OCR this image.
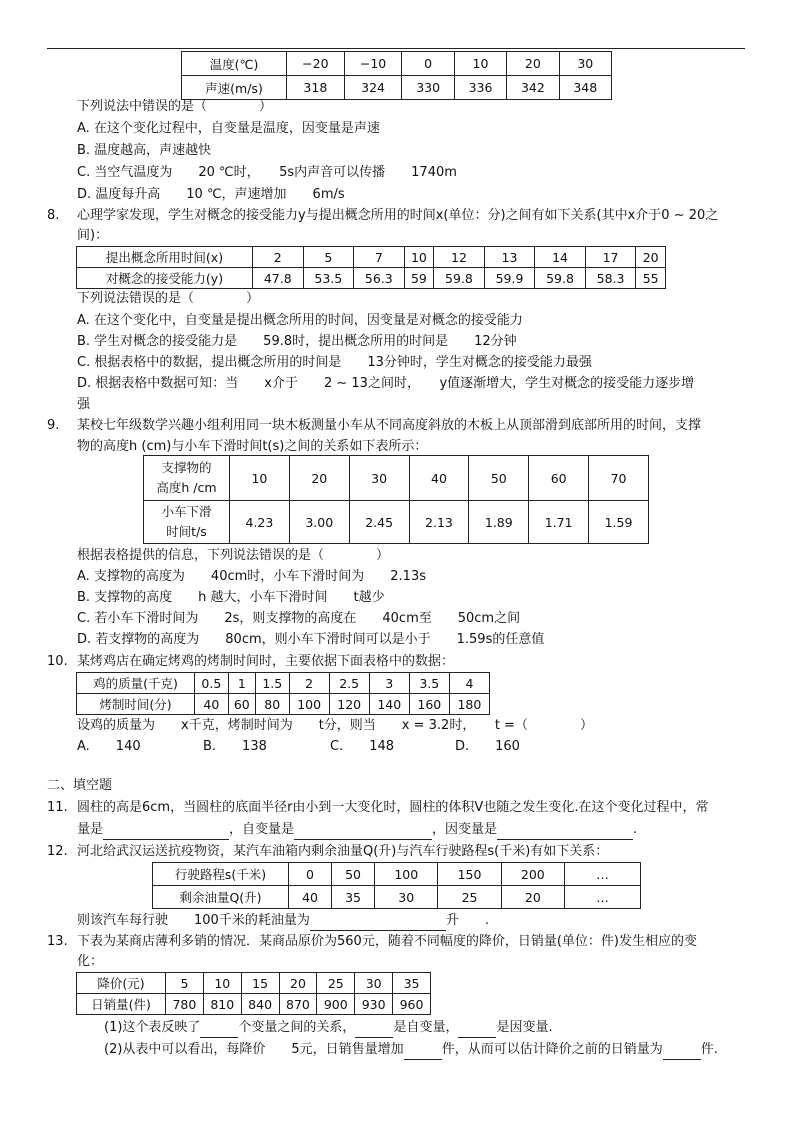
温度(℃)	−20	−10	0	10	20	30
声速(m/s)	318	324	330	336	342	348
下列说法中错误的是（　　　　）
A. 在这个变化过程中，自变量是温度，因变量是声速
B. 温度越高，声速越快
C. 当空气温度为　　20 ℃时，　　5s内声音可以传播　　1740m
D. 温度每升高　　10 ℃，声速增加　　6m/s
8. 心理学家发现，学生对概念的接受能力y与提出概念所用的时间x(单位：分)之间有如下关系(其中x介于0 ∼ 20之
间)：
提出概念所用时间(x)	2	5	7	10	12	13	14	17	20
对概念的接受能力(y)	47.8	53.5	56.3	59	59.8	59.9	59.8	58.3	55
下列说法错误的是（　　　　）
A. 在这个变化中，自变量是提出概念所用的时间，因变量是对概念的接受能力
B. 学生对概念的接受能力是　　59.8时，提出概念所用的时间是　　12分钟
C. 根据表格中的数据，提出概念所用的时间是　　13分钟时，学生对概念的接受能力最强
D. 根据表格中数据可知：当　　x介于　　2 ∼ 13之间时，　　y值逐渐增大，学生对概念的接受能力逐步增
强
9. 某校七年级数学兴趣小组利用同一块木板测量小车从不同高度斜放的木板上从顶部滑到底部所用的时间，支撑
物的高度h (cm)与小车下滑时间t(s)之间的关系如下表所示：
支撑物的
高度h /cm	10	20	30	40	50	60	70

小车下滑
时间t/s	4.23	3.00	2.45	2.13	1.89	1.71	1.59
根据表格提供的信息，下列说法错误的是（　　　　）
A. 支撑物的高度为　　40cm时，小车下滑时间为　　2.13s
B. 支撑物的高度　　h 越大，小车下滑时间　　t越少
C. 若小车下滑时间为　　2s，则支撑物的高度在　　40cm至　　50cm之间
D. 若支撑物的高度为　　80cm，则小车下滑时间可以是小于　　1.59s的任意值
10. 某烤鸡店在确定烤鸡的烤制时间时，主要依据下面表格中的数据：
鸡的质量(千克)	0.5	1	1.5	2	2.5	3	3.5	4
烤制时间(分)	40	60	80	100	120	140	160	180
设鸡的质量为　　x千克，烤制时间为　　t分，则当　　x = 3.2时，　　t =（　　　　）
A.　　140	B.　　138	C.　　148	D.　　160
二、填空题
11. 圆柱的高是6cm，当圆柱的底面半径r由小到一大变化时，圆柱的体积V也随之发生变化.在这个变化过程中，常
量是	，自变量是	，因变量是	.
12. 河北给武汉运送抗疫物资，某汽车油箱内剩余油量Q(升)与汽车行驶路程s(千米)有如下关系：
行驶路程s(千米)	0	50	100	150	200	…
剩余油量Q(升)	40	35	30	25	20	…
则该汽车每行驶　　100千米的耗油量为	升　　.
13. 下表为某商店薄利多销的情况．某商品原价为560元，随着不同幅度的降价，日销量(单位：件)发生相应的变
化：
降价(元)	5	10	15	20	25	30	35
日销量(件)	780	810	840	870	900	930	960
(1)这个表反映了	个变量之间的关系，	是自变量，	是因变量.
(2)从表中可以看出，每降价　　5元，日销售量增加	件，从而可以估计降价之前的日销量为	件.
